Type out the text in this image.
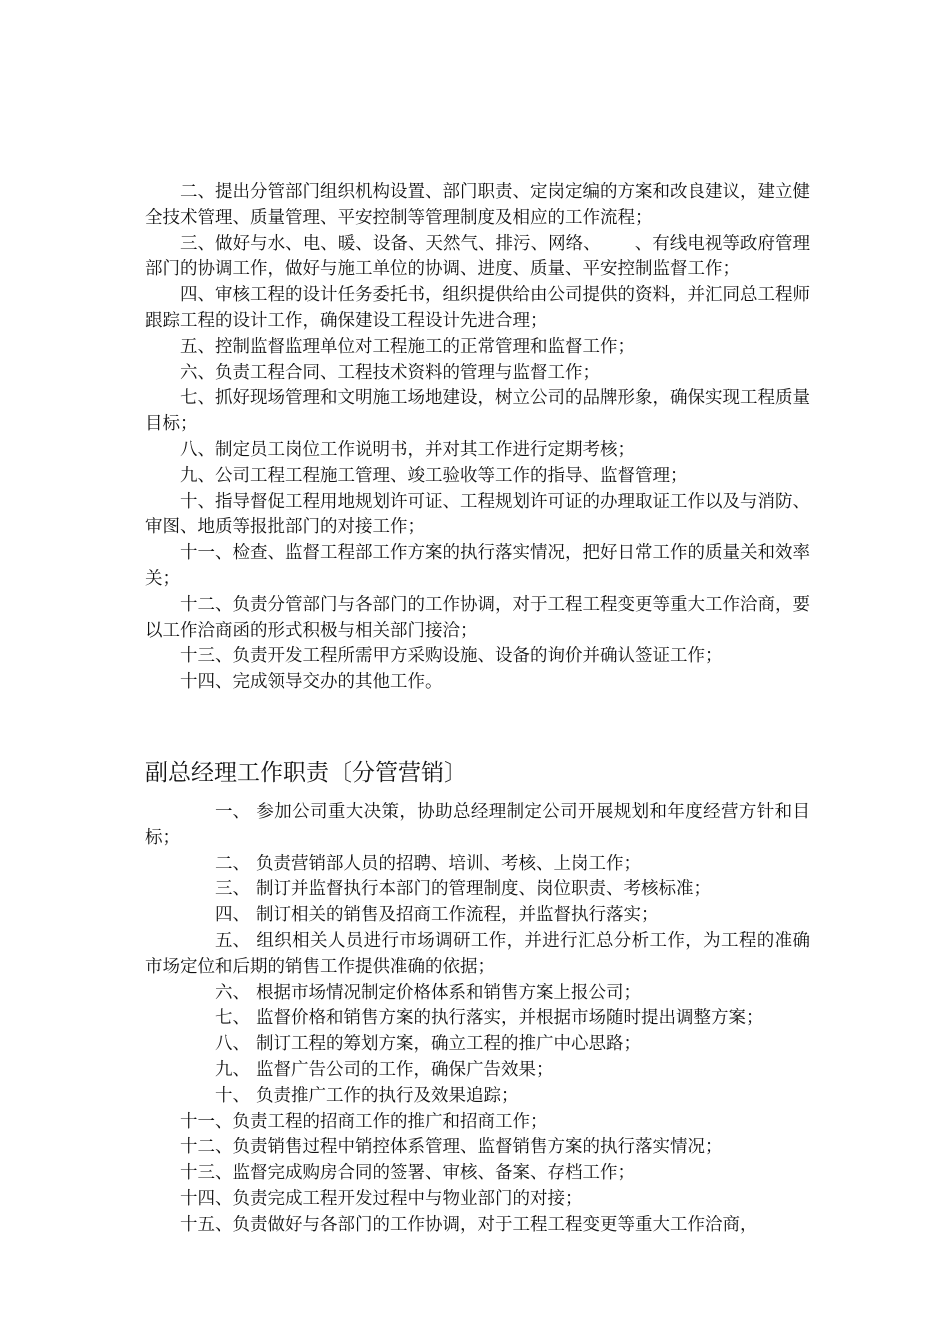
二、提出分管部门组织机构设置、部门职责、定岗定编的方案和改良建议，建立健全技术管理、质量管理、平安控制等管理制度及相应的工作流程；

三、做好与水、电、暖、设备、天然气、排污、网络、 、有线电视等政府管理部门的协调工作，做好与施工单位的协调、进度、质量、平安控制监督工作；

四、审核工程的设计任务委托书，组织提供给由公司提供的资料，并汇同总工程师跟踪工程的设计工作，确保建设工程设计先进合理；

五、控制监督监理单位对工程施工的正常管理和监督工作；

六、负责工程合同、工程技术资料的管理与监督工作；

七、抓好现场管理和文明施工场地建设，树立公司的品牌形象，确保实现工程质量目标；

八、制定员工岗位工作说明书，并对其工作进行定期考核；

九、公司工程工程施工管理、竣工验收等工作的指导、监督管理；

十、指导督促工程用地规划许可证、工程规划许可证的办理取证工作以及与消防、审图、地质等报批部门的对接工作；

十一、检查、监督工程部工作方案的执行落实情况，把好日常工作的质量关和效率关；

十二、负责分管部门与各部门的工作协调，对于工程工程变更等重大工作洽商，要以工作洽商函的形式积极与相关部门接洽；

十三、负责开发工程所需甲方采购设施、设备的询价并确认签证工作；

十四、完成领导交办的其他工作。

副总经理工作职责〔分管营销〕

一、 参加公司重大决策，协助总经理制定公司开展规划和年度经营方针和目标；

二、 负责营销部人员的招聘、培训、考核、上岗工作；

三、 制订并监督执行本部门的管理制度、岗位职责、考核标准；

四、 制订相关的销售及招商工作流程，并监督执行落实；

五、 组织相关人员进行市场调研工作，并进行汇总分析工作，为工程的准确市场定位和后期的销售工作提供准确的依据；

六、 根据市场情况制定价格体系和销售方案上报公司；

七、 监督价格和销售方案的执行落实，并根据市场随时提出调整方案；

八、 制订工程的筹划方案，确立工程的推广中心思路；

九、 监督广告公司的工作，确保广告效果；

十、 负责推广工作的执行及效果追踪；

十一、负责工程的招商工作的推广和招商工作；

十二、负责销售过程中销控体系管理、监督销售方案的执行落实情况；

十三、监督完成购房合同的签署、审核、备案、存档工作；

十四、负责完成工程开发过程中与物业部门的对接；

十五、负责做好与各部门的工作协调，对于工程工程变更等重大工作洽商，
